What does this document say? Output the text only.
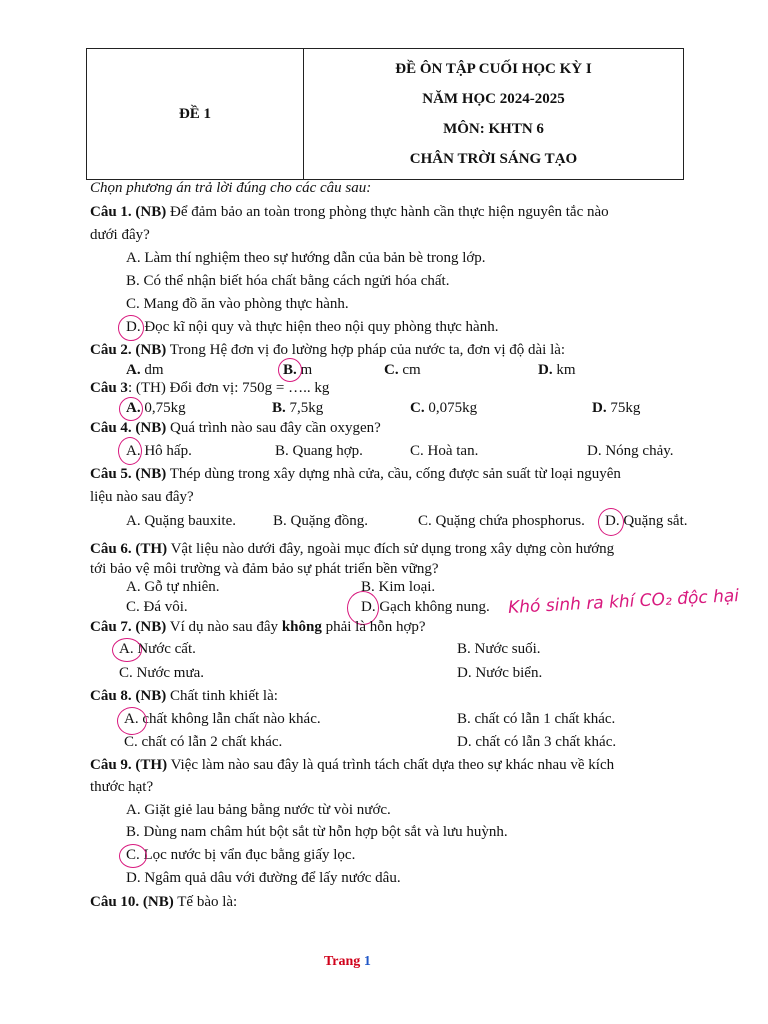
ĐỀ 1
ĐỀ ÔN TẬP CUỐI HỌC KỲ I
NĂM HỌC 2024-2025
MÔN: KHTN 6
CHÂN TRỜI SÁNG TẠO
Chọn phương án trả lời đúng cho các câu sau:
Câu 1. (NB) Để đảm bảo an toàn trong phòng thực hành cần thực hiện nguyên tắc nào
dưới đây?
A. Làm thí nghiệm theo sự hướng dẫn của bản bè trong lớp.
B. Có thể nhận biết hóa chất bằng cách ngửi hóa chất.
C. Mang đồ ăn vào phòng thực hành.
D. Đọc kĩ nội quy và thực hiện theo nội quy phòng thực hành.
Câu 2. (NB) Trong Hệ đơn vị đo lường hợp pháp của nước ta, đơn vị độ dài là:
A. dm	B. m	C. cm	D. km
Câu 3: (TH) Đổi đơn vị: 750g = ….. kg
A. 0,75kg	B. 7,5kg	C. 0,075kg	D. 75kg
Câu 4. (NB) Quá trình nào sau đây cần oxygen?
A. Hô hấp.	B. Quang hợp.	C. Hoà tan.	D. Nóng chảy.
Câu 5. (NB) Thép dùng trong xây dựng nhà cửa, cầu, cống được sản suất từ loại nguyên
liệu nào sau đây?
A. Quặng bauxite. B. Quặng đồng.	C. Quặng chứa phosphorus. D. Quặng sắt.
Câu 6. (TH) Vật liệu nào dưới đây, ngoài mục đích sử dụng trong xây dựng còn hướng
tới bảo vệ môi trường và đảm bảo sự phát triển bền vững?
A. Gỗ tự nhiên.	B. Kim loại.
C. Đá vôi.	D. Gạch không nung. Khó sinh ra khí CO₂ độc hại
Câu 7. (NB) Ví dụ nào sau đây không phải là hỗn hợp?
A. Nước cất.	B. Nước suối.
C. Nước mưa.	D. Nước biển.
Câu 8. (NB) Chất tinh khiết là:
A. chất không lẫn chất nào khác.	B. chất có lẫn 1 chất khác.
C. chất có lẫn 2 chất khác.	D. chất có lẫn 3 chất khác.
Câu 9. (TH) Việc làm nào sau đây là quá trình tách chất dựa theo sự khác nhau về kích
thước hạt?
A. Giặt giẻ lau bảng bằng nước từ vòi nước.
B. Dùng nam châm hút bột sắt từ hỗn hợp bột sắt và lưu huỳnh.
C. Lọc nước bị vẩn đục bằng giấy lọc.
D. Ngâm quả dâu với đường để lấy nước dâu.
Câu 10. (NB) Tế bào là:
Trang 1
